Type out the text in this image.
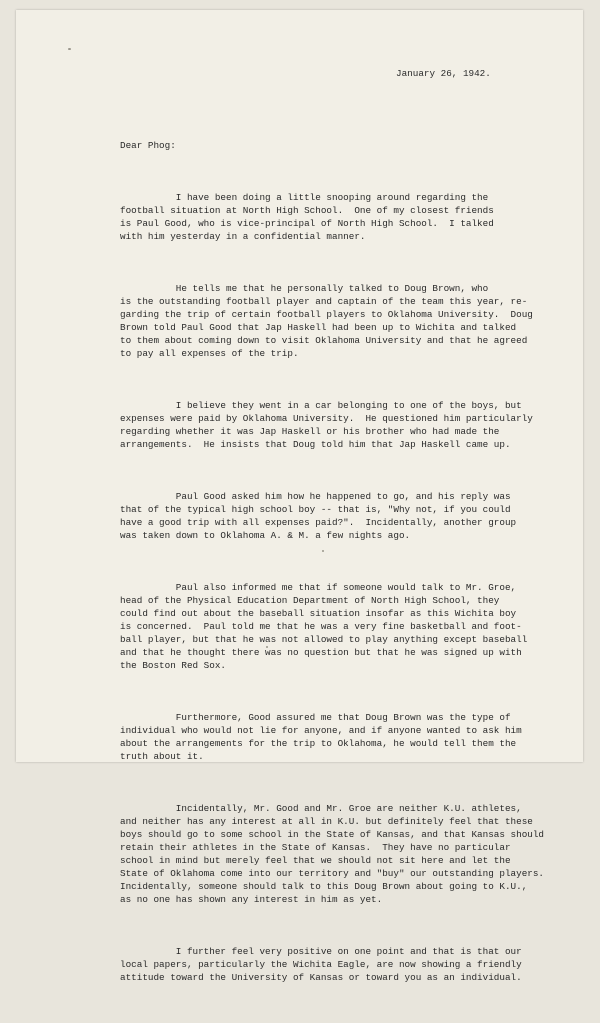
January 26, 1942.
Dear Phog:

I have been doing a little snooping around regarding the
football situation at North High School.  One of my closest friends
is Paul Good, who is vice-principal of North High School.  I talked
with him yesterday in a confidential manner.

He tells me that he personally talked to Doug Brown, who
is the outstanding football player and captain of the team this year, re-
garding the trip of certain football players to Oklahoma University.  Doug
Brown told Paul Good that Jap Haskell had been up to Wichita and talked
to them about coming down to visit Oklahoma University and that he agreed
to pay all expenses of the trip.

I believe they went in a car belonging to one of the boys, but
expenses were paid by Oklahoma University.  He questioned him particularly
regarding whether it was Jap Haskell or his brother who had made the
arrangements.  He insists that Doug told him that Jap Haskell came up.

Paul Good asked him how he happened to go, and his reply was
that of the typical high school boy -- that is, "Why not, if you could
have a good trip with all expenses paid?".  Incidentally, another group
was taken down to Oklahoma A. & M. a few nights ago.

Paul also informed me that if someone would talk to Mr. Groe,
head of the Physical Education Department of North High School, they
could find out about the baseball situation insofar as this Wichita boy
is concerned.  Paul told me that he was a very fine basketball and foot-
ball player, but that he was not allowed to play anything except baseball
and that he thought there was no question but that he was signed up with
the Boston Red Sox.

Furthermore, Good assured me that Doug Brown was the type of
individual who would not lie for anyone, and if anyone wanted to ask him
about the arrangements for the trip to Oklahoma, he would tell them the
truth about it.

Incidentally, Mr. Good and Mr. Groe are neither K.U. athletes,
and neither has any interest at all in K.U. but definitely feel that these
boys should go to some school in the State of Kansas, and that Kansas should
retain their athletes in the State of Kansas.  They have no particular
school in mind but merely feel that we should not sit here and let the
State of Oklahoma come into our territory and "buy" our outstanding players.
Incidentally, someone should talk to this Doug Brown about going to K.U.,
as no one has shown any interest in him as yet.

I further feel very positive on one point and that is that our
local papers, particularly the Wichita Eagle, are now showing a friendly
attitude toward the University of Kansas or toward you as an individual.
